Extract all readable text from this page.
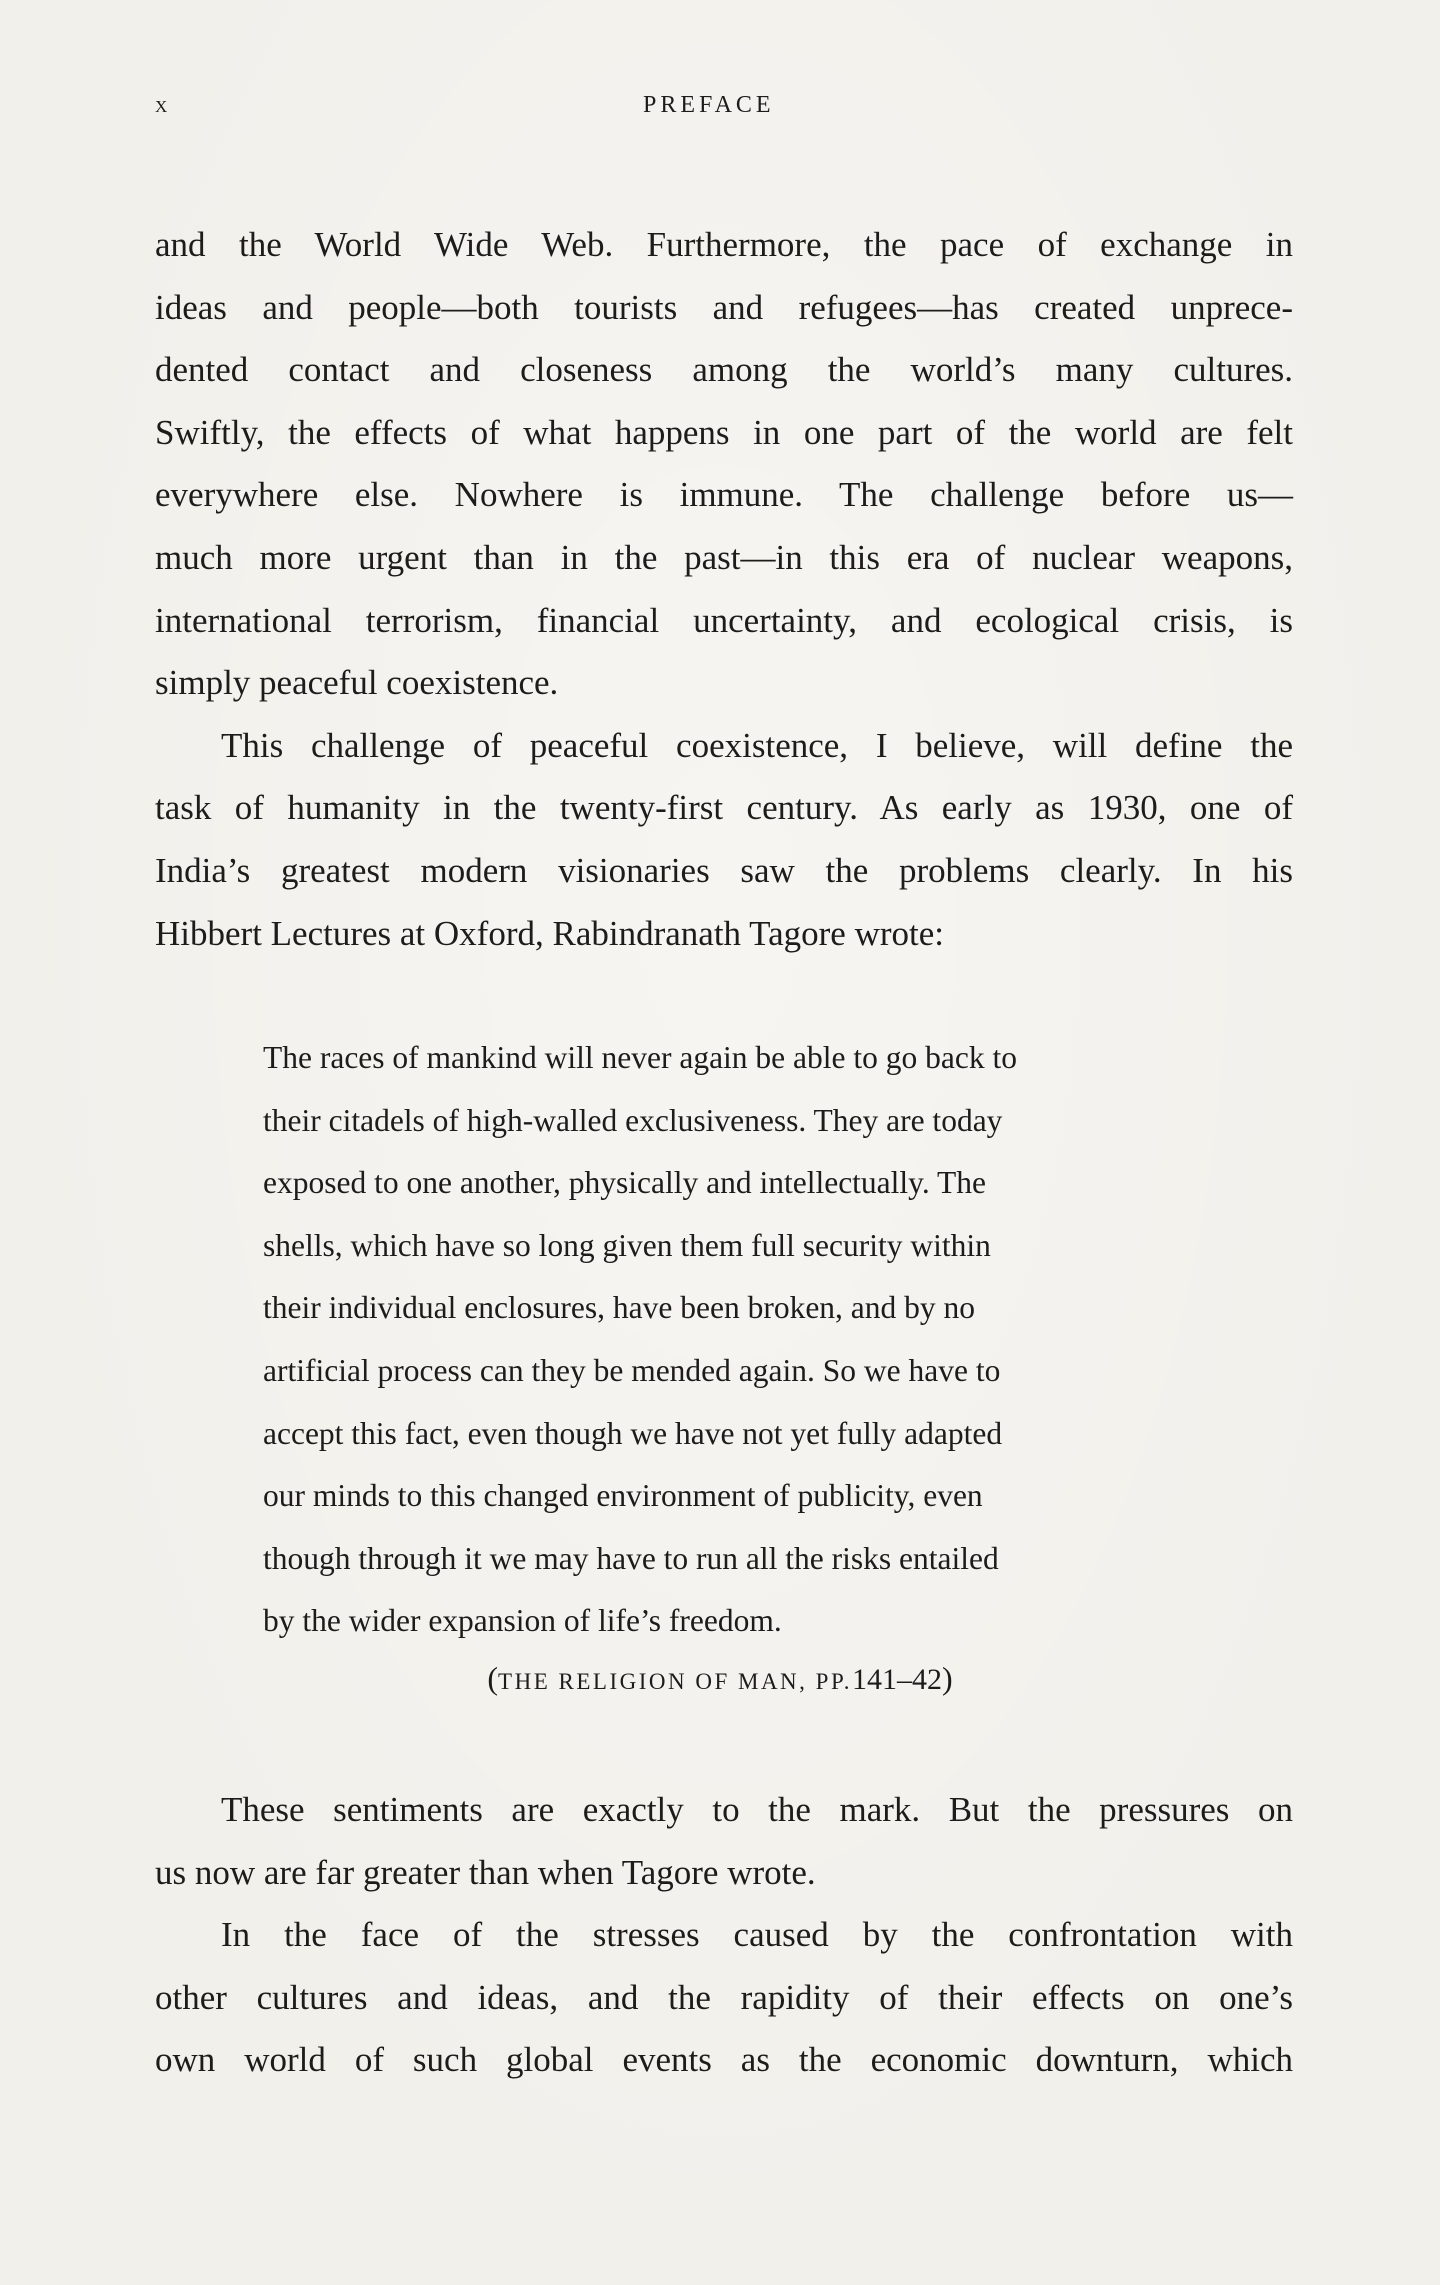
x	PREFACE
and the World Wide Web. Furthermore, the pace of exchange in
ideas and people—both tourists and refugees—has created unprece-
dented contact and closeness among the world’s many cultures.
Swiftly, the effects of what happens in one part of the world are felt
everywhere else. Nowhere is immune. The challenge before us—
much more urgent than in the past—in this era of nuclear weapons,
international terrorism, financial uncertainty, and ecological crisis, is
simply peaceful coexistence.
This challenge of peaceful coexistence, I believe, will define the
task of humanity in the twenty-first century. As early as 1930, one of
India’s greatest modern visionaries saw the problems clearly. In his
Hibbert Lectures at Oxford, Rabindranath Tagore wrote:
The races of mankind will never again be able to go back to
their citadels of high-walled exclusiveness. They are today
exposed to one another, physically and intellectually. The
shells, which have so long given them full security within
their individual enclosures, have been broken, and by no
artificial process can they be mended again. So we have to
accept this fact, even though we have not yet fully adapted
our minds to this changed environment of publicity, even
though through it we may have to run all the risks entailed
by the wider expansion of life’s freedom.
(THE RELIGION OF MAN, PP.141–42)
These sentiments are exactly to the mark. But the pressures on
us now are far greater than when Tagore wrote.
In the face of the stresses caused by the confrontation with
other cultures and ideas, and the rapidity of their effects on one’s
own world of such global events as the economic downturn, which
